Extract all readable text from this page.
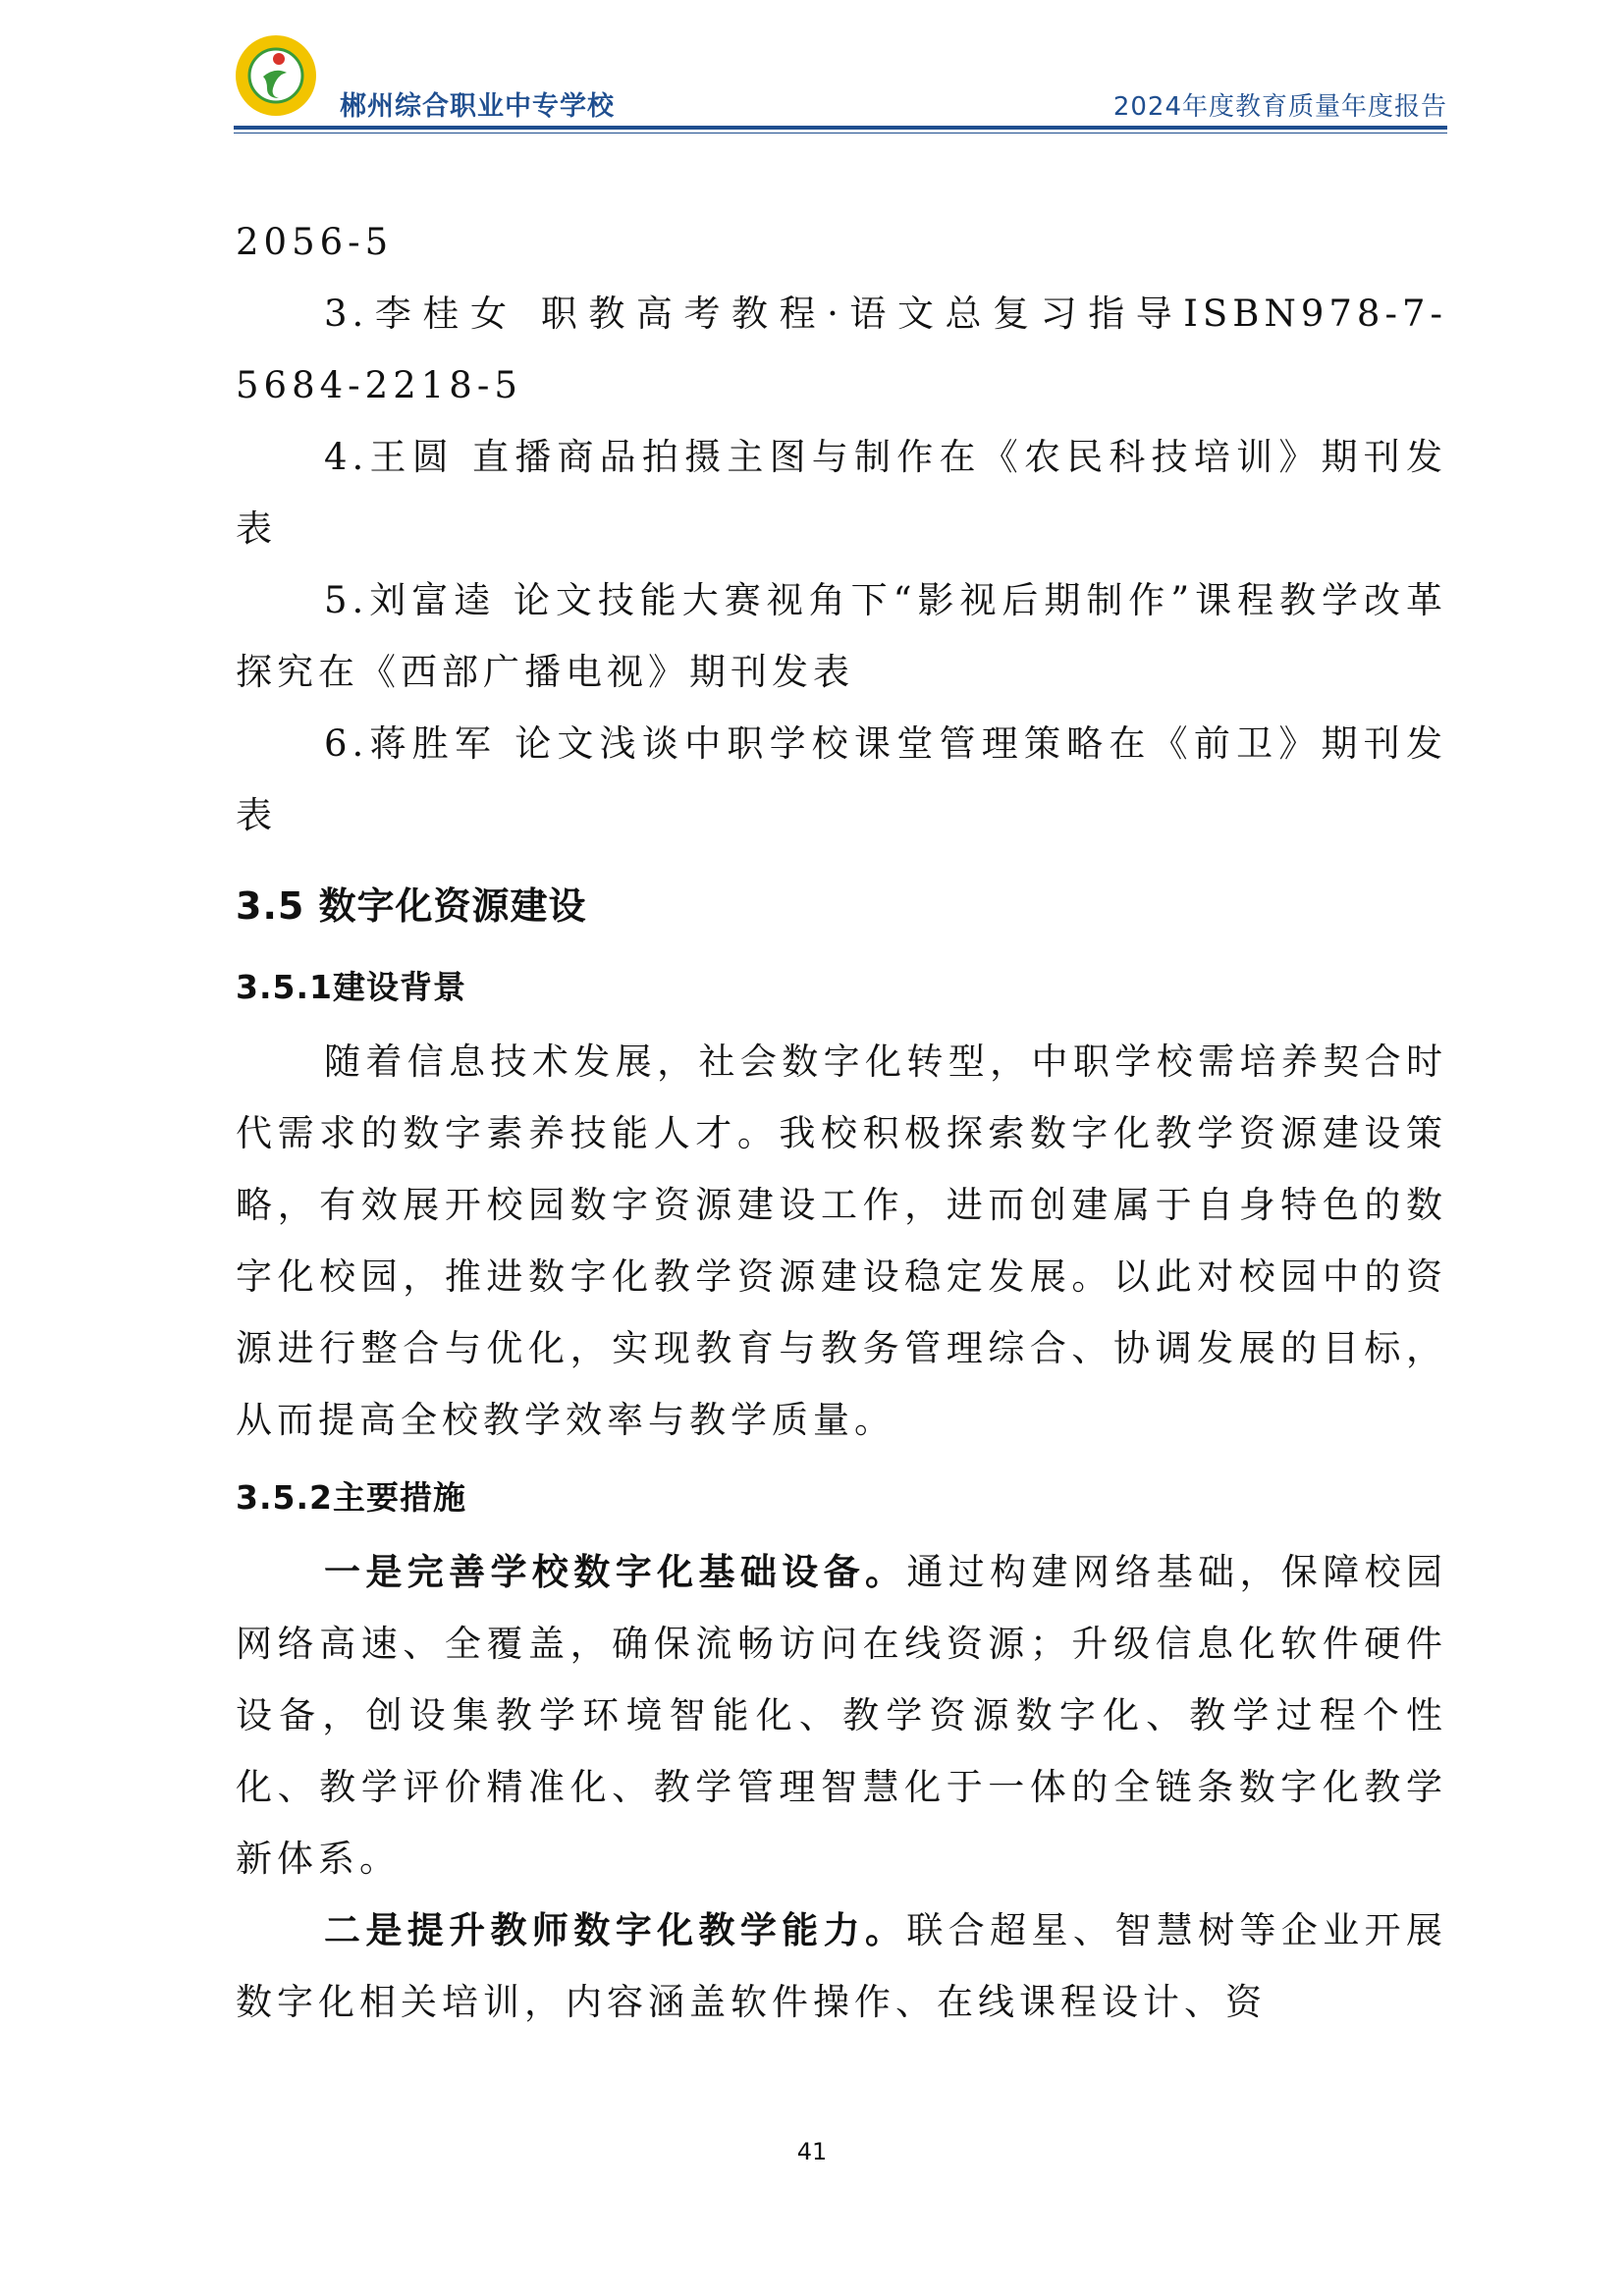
郴州综合职业中专学校	2024年度教育质量年度报告

2056-5

3.李桂女 职教高考教程·语文总复习指导ISBN978-7-5684-2218-5

4.王圆 直播商品拍摄主图与制作在《农民科技培训》期刊发表

5.刘富逵 论文技能大赛视角下“影视后期制作”课程教学改革探究在《西部广播电视》期刊发表

6.蒋胜军 论文浅谈中职学校课堂管理策略在《前卫》期刊发表

3.5 数字化资源建设
3.5.1建设背景

随着信息技术发展，社会数字化转型，中职学校需培养契合时代需求的数字素养技能人才。我校积极探索数字化教学资源建设策略，有效展开校园数字资源建设工作，进而创建属于自身特色的数字化校园，推进数字化教学资源建设稳定发展。以此对校园中的资源进行整合与优化，实现教育与教务管理综合、协调发展的目标，从而提高全校教学效率与教学质量。

3.5.2主要措施

一是完善学校数字化基础设备。通过构建网络基础，保障校园网络高速、全覆盖，确保流畅访问在线资源；升级信息化软件硬件设备，创设集教学环境智能化、教学资源数字化、教学过程个性化、教学评价精准化、教学管理智慧化于一体的全链条数字化教学新体系。

二是提升教师数字化教学能力。联合超星、智慧树等企业开展数字化相关培训，内容涵盖软件操作、在线课程设计、资

41
